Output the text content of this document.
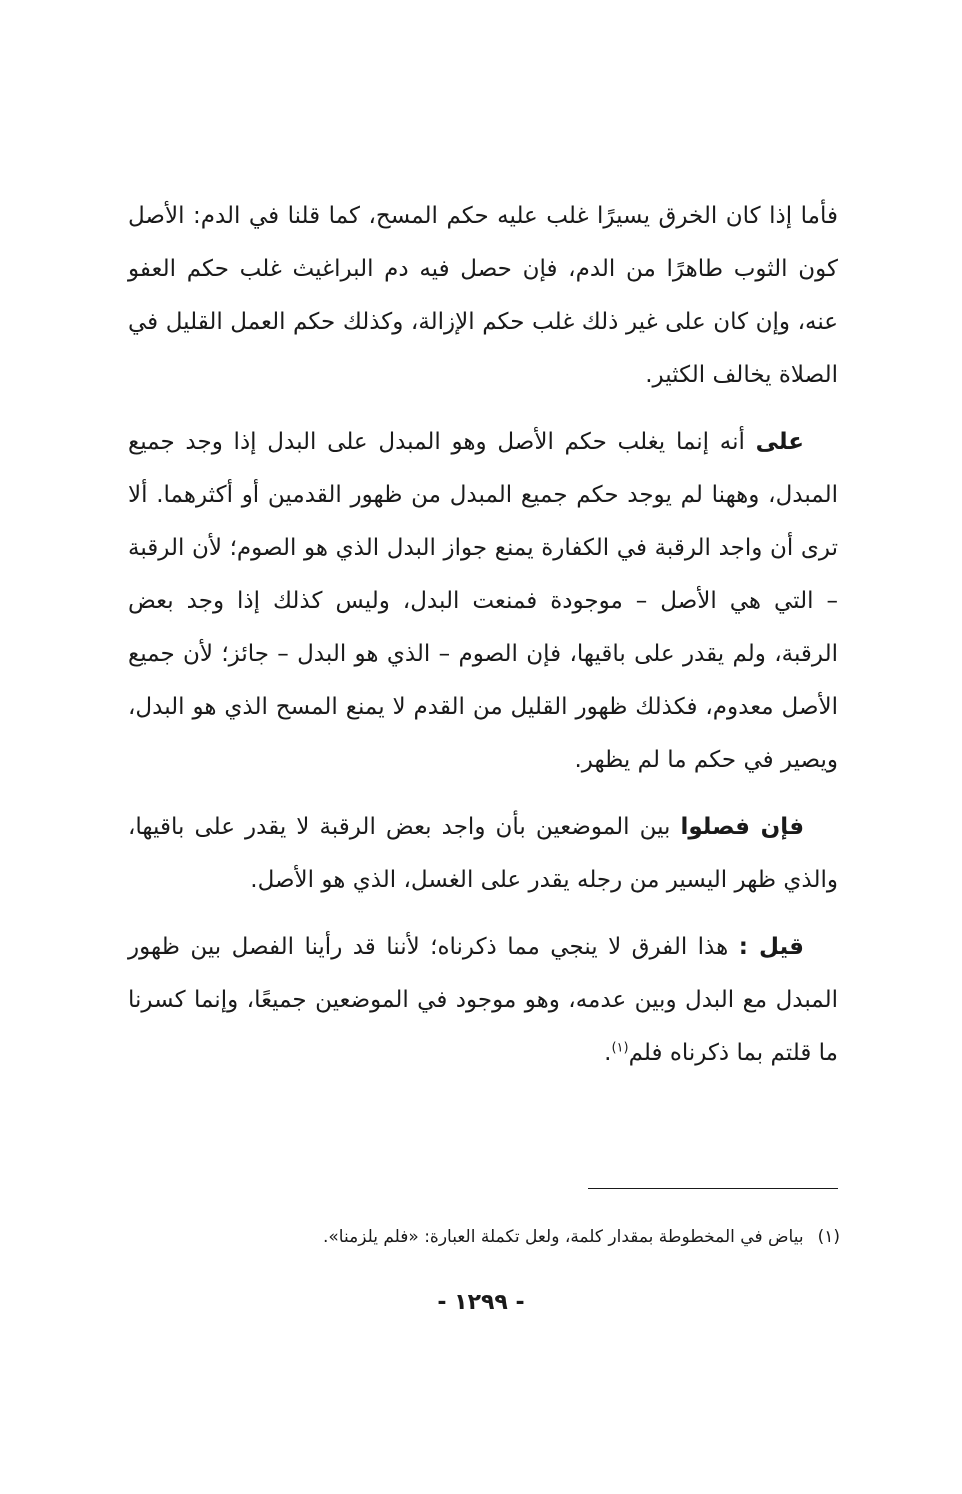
فأما إذا كان الخرق يسيرًا غلب عليه حكم المسح، كما قلنا في الدم: الأصل كون الثوب طاهرًا من الدم، فإن حصل فيه دم البراغيث غلب حكم العفو عنه، وإن كان على غير ذلك غلب حكم الإزالة، وكذلك حكم العمل القليل في الصلاة يخالف الكثير.

على أنه إنما يغلب حكم الأصل وهو المبدل على البدل إذا وجد جميع المبدل، وههنا لم يوجد حكم جميع المبدل من ظهور القدمين أو أكثرهما. ألا ترى أن واجد الرقبة في الكفارة يمنع جواز البدل الذي هو الصوم؛ لأن الرقبة – التي هي الأصل – موجودة فمنعت البدل، وليس كذلك إذا وجد بعض الرقبة، ولم يقدر على باقيها، فإن الصوم – الذي هو البدل – جائز؛ لأن جميع الأصل معدوم، فكذلك ظهور القليل من القدم لا يمنع المسح الذي هو البدل، ويصير في حكم ما لم يظهر.

فإن فصلوا بين الموضعين بأن واجد بعض الرقبة لا يقدر على باقيها، والذي ظهر اليسير من رجله يقدر على الغسل، الذي هو الأصل.

قيل : هذا الفرق لا ينجي مما ذكرناه؛ لأننا قد رأينا الفصل بين ظهور المبدل مع البدل وبين عدمه، وهو موجود في الموضعين جميعًا، وإنما كسرنا ما قلتم بما ذكرناه فلم$^{(١)}$.

(١)بياض في المخطوطة بمقدار كلمة، ولعل تكملة العبارة: «فلم يلزمنا».
- ١٢٩٩ -
